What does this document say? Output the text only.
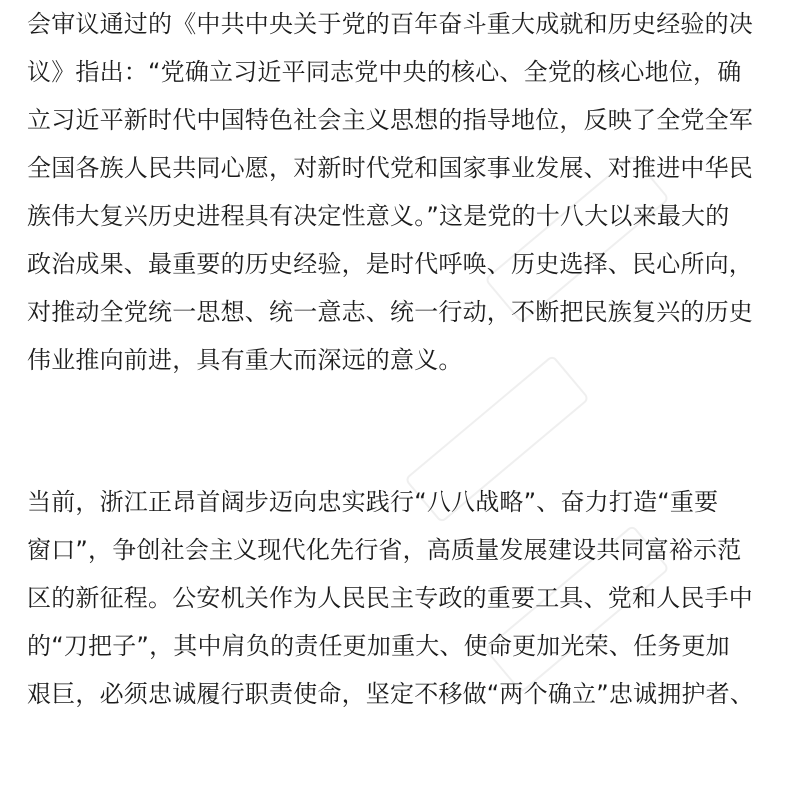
会审议通过的《中共中央关于党的百年奋斗重大成就和历史经验的决
议》指出：“党确立习近平同志党中央的核心、全党的核心地位，确
立习近平新时代中国特色社会主义思想的指导地位，反映了全党全军
全国各族人民共同心愿，对新时代党和国家事业发展、对推进中华民
族伟大复兴历史进程具有决定性意义。”这是党的十八大以来最大的
政治成果、最重要的历史经验，是时代呼唤、历史选择、民心所向，
对推动全党统一思想、统一意志、统一行动，不断把民族复兴的历史
伟业推向前进，具有重大而深远的意义。
当前，浙江正昂首阔步迈向忠实践行“八八战略”、奋力打造“重要
窗口”，争创社会主义现代化先行省，高质量发展建设共同富裕示范
区的新征程。公安机关作为人民民主专政的重要工具、党和人民手中
的“刀把子”，其中肩负的责任更加重大、使命更加光荣、任务更加
艰巨，必须忠诚履行职责使命，坚定不移做“两个确立”忠诚拥护者、
